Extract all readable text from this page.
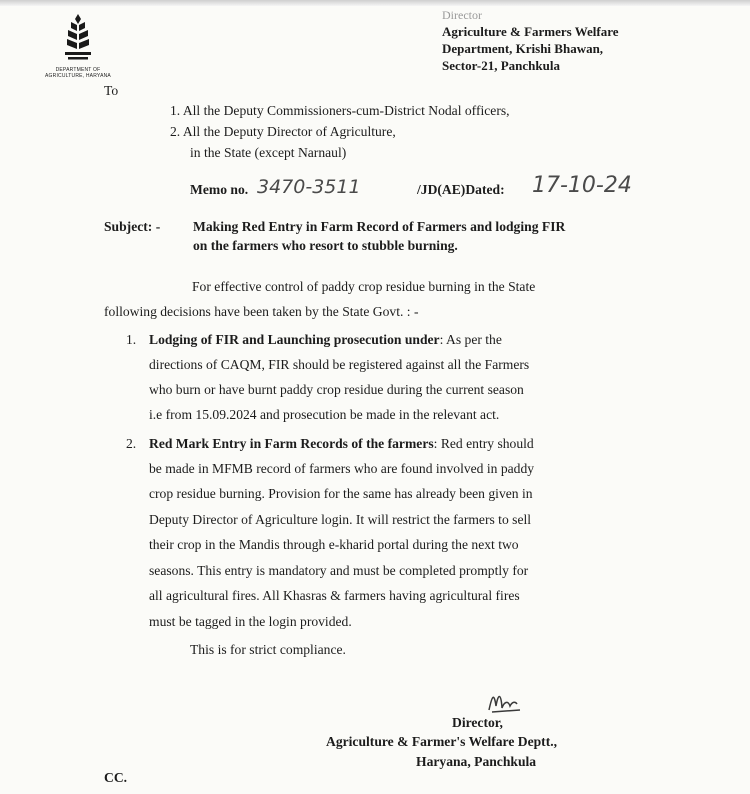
DEPARTMENT OF
AGRICULTURE, HARYANA
Director
Agriculture & Farmers Welfare
Department, Krishi Bhawan,
Sector-21, Panchkula
To
1. All the Deputy Commissioners-cum-District Nodal officers,
2. All the Deputy Director of Agriculture,
in the State (except Narnaul)
Memo no. 3470-3511	/JD(AE)Dated: 17-10-24
Subject: - Making Red Entry in Farm Record of Farmers and lodging FIR
on the farmers who resort to stubble burning.
For effective control of paddy crop residue burning in the State
following decisions have been taken by the State Govt. : -
1. Lodging of FIR and Launching prosecution under: As per the
directions of CAQM, FIR should be registered against all the Farmers
who burn or have burnt paddy crop residue during the current season
i.e from 15.09.2024 and prosecution be made in the relevant act.
2. Red Mark Entry in Farm Records of the farmers: Red entry should
be made in MFMB record of farmers who are found involved in paddy
crop residue burning. Provision for the same has already been given in
Deputy Director of Agriculture login. It will restrict the farmers to sell
their crop in the Mandis through e-kharid portal during the next two
seasons. This entry is mandatory and must be completed promptly for
all agricultural fires. All Khasras & farmers having agricultural fires
must be tagged in the login provided.
This is for strict compliance.
Director,
Agriculture & Farmer's Welfare Deptt.,
Haryana, Panchkula
CC.
